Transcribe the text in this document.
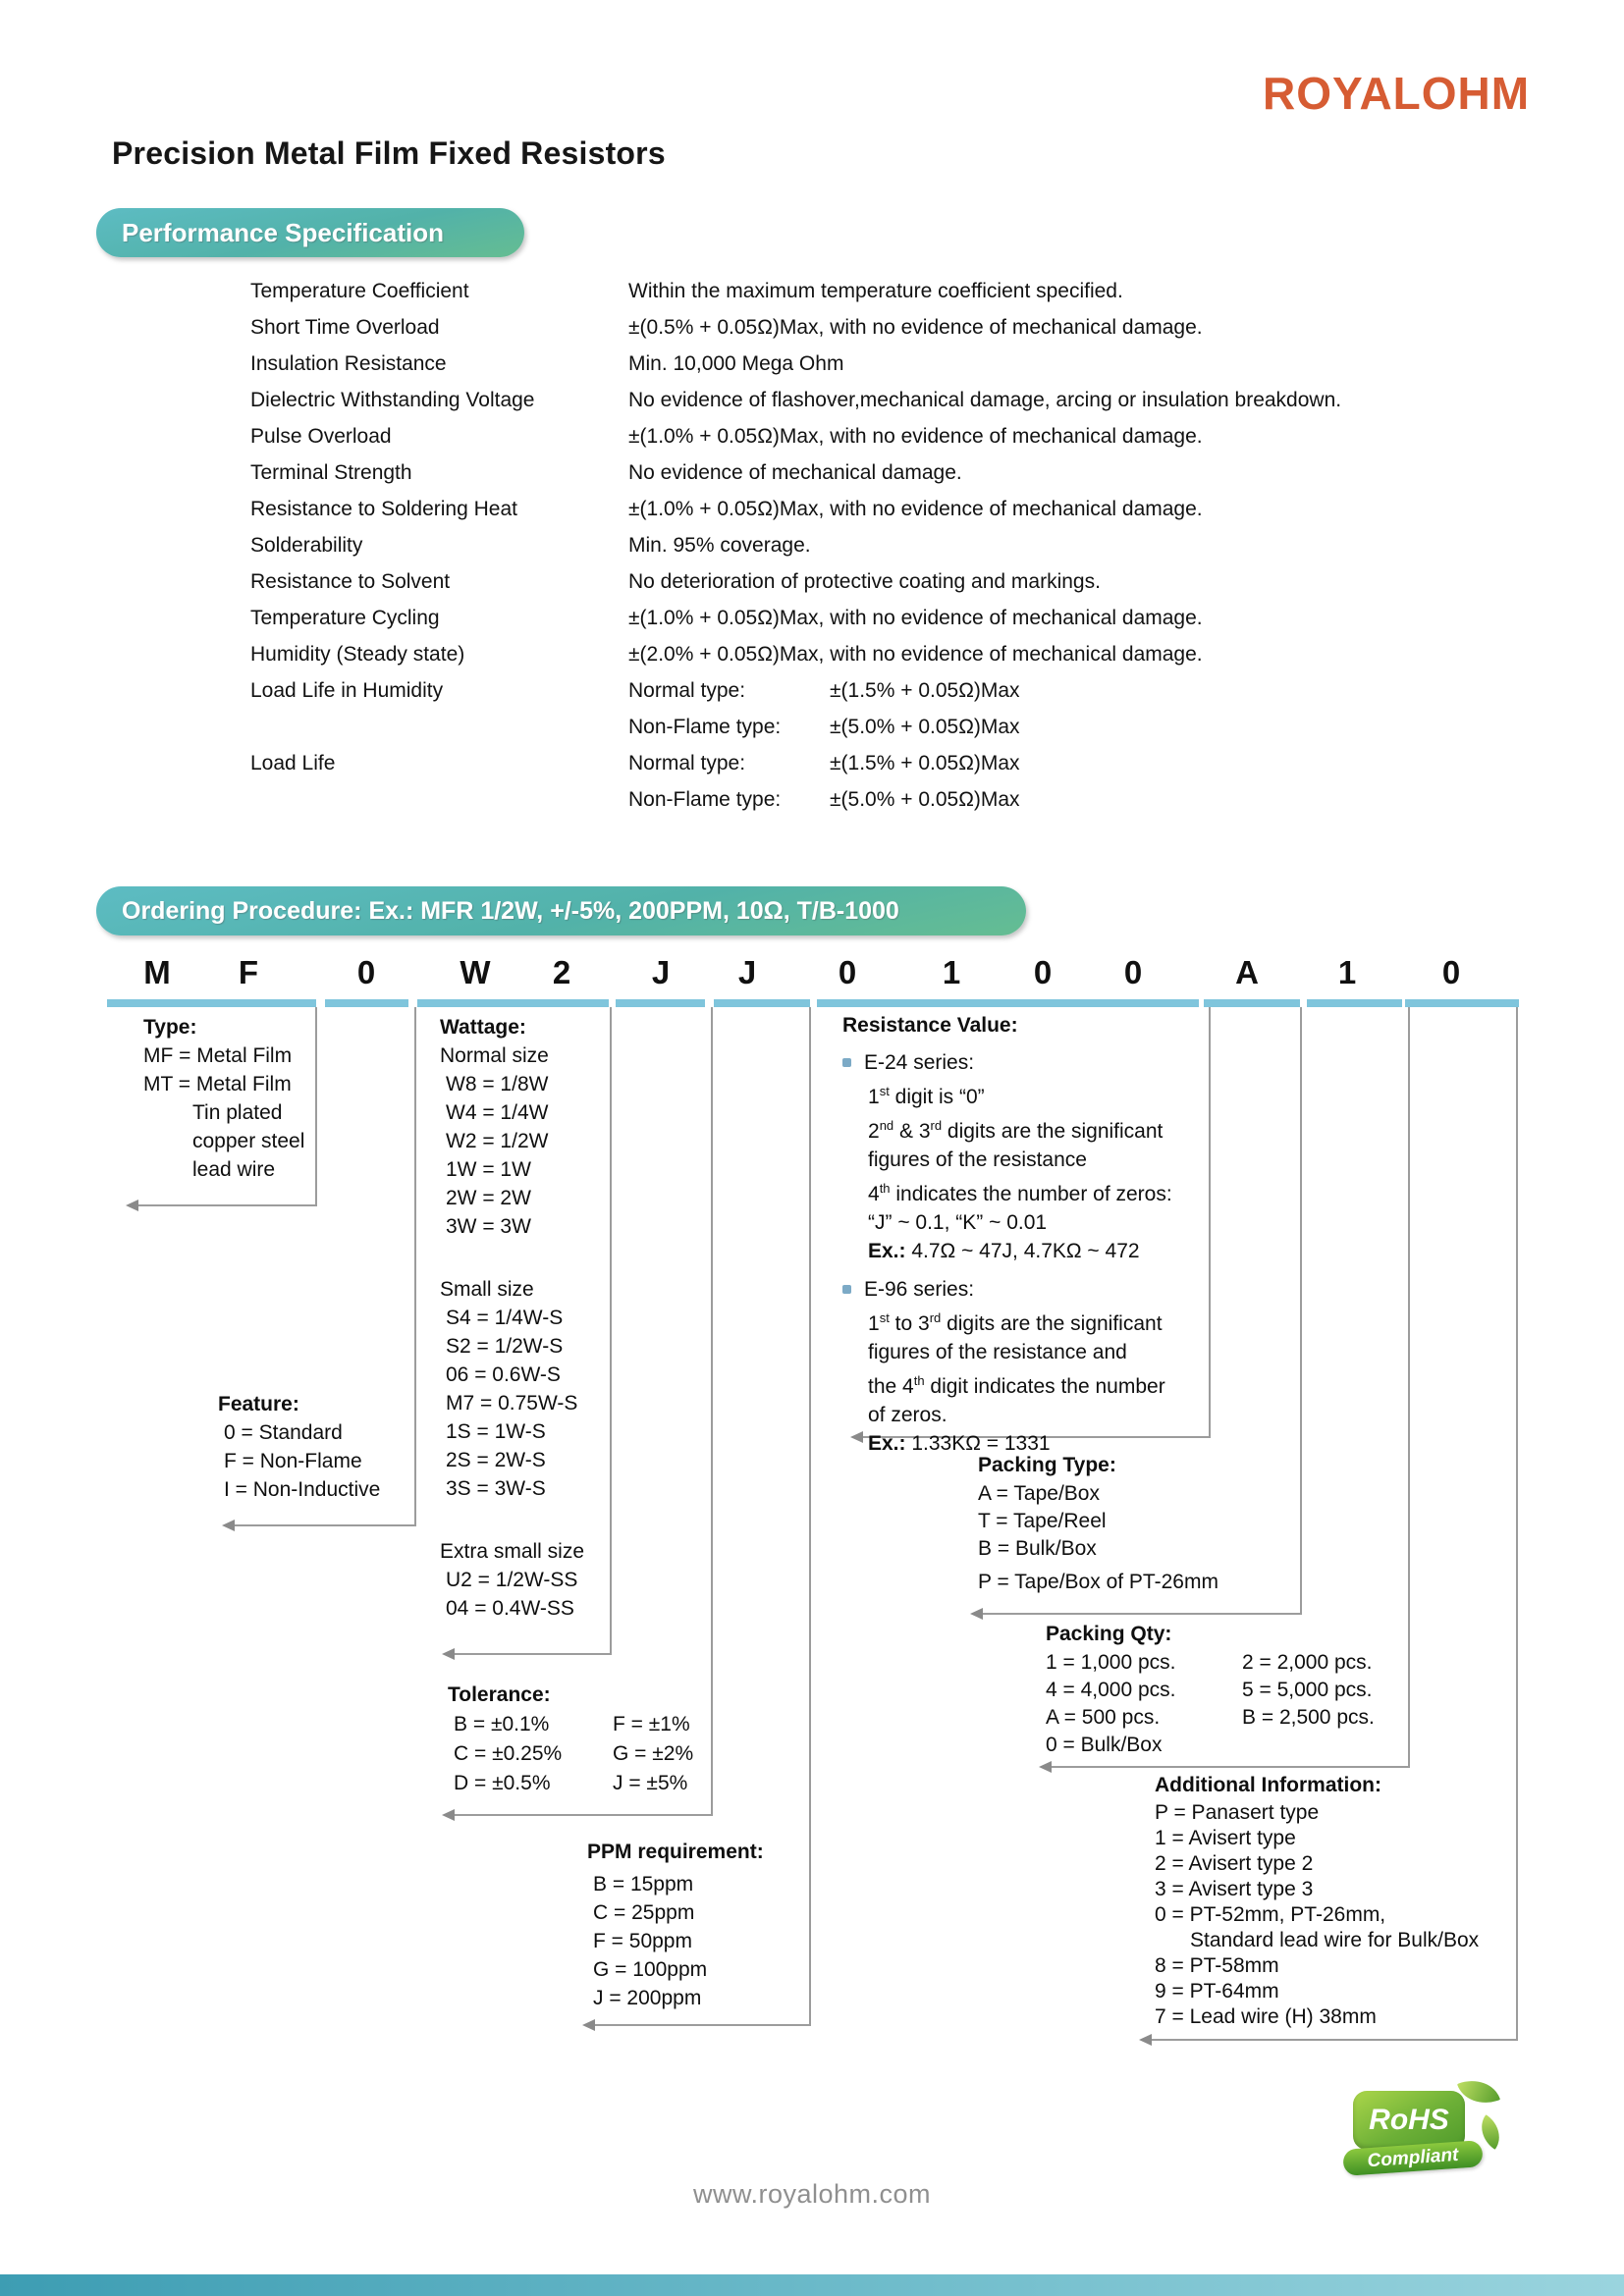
ROYALOHM
Precision Metal Film Fixed Resistors
Performance Specification
Temperature Coefficient	Within the maximum temperature coefficient specified.
Short Time Overload	±(0.5% + 0.05Ω)Max, with no evidence of mechanical damage.
Insulation Resistance	Min. 10,000 Mega Ohm
Dielectric Withstanding Voltage	No evidence of flashover,mechanical damage, arcing or insulation breakdown.
Pulse Overload	±(1.0% + 0.05Ω)Max, with no evidence of mechanical damage.
Terminal Strength	No evidence of mechanical damage.
Resistance to Soldering Heat	±(1.0% + 0.05Ω)Max, with no evidence of mechanical damage.
Solderability	Min. 95% coverage.
Resistance to Solvent	No deterioration of protective coating and markings.
Temperature Cycling	±(1.0% + 0.05Ω)Max, with no evidence of mechanical damage.
Humidity (Steady state)	±(2.0% + 0.05Ω)Max, with no evidence of mechanical damage.
Load Life in Humidity	Normal type:	±(1.5% + 0.05Ω)Max
Non-Flame type:	±(5.0% + 0.05Ω)Max
Load Life	Normal type:	±(1.5% + 0.05Ω)Max
Non-Flame type:	±(5.0% + 0.05Ω)Max
Ordering Procedure: Ex.: MFR 1/2W, +/-5%, 200PPM, 10Ω, T/B-1000
M F	0	W 2	J J	0	1 0 0	A 1	0
Type:
MF = Metal Film
MT = Metal Film
Tin plated
copper steel
lead wire
Feature:
0 = Standard
F = Non-Flame
I = Non-Inductive
Wattage:
Normal size
W8 = 1/8W
W4 = 1/4W
W2 = 1/2W
1W = 1W
2W = 2W
3W = 3W
Small size
S4 = 1/4W-S
S2 = 1/2W-S
06 = 0.6W-S
M7 = 0.75W-S
1S = 1W-S
2S = 2W-S
3S = 3W-S
Extra small size
U2 = 1/2W-SS
04 = 0.4W-SS
Tolerance:
B = ±0.1%	F = ±1%
C = ±0.25%	G = ±2%
D = ±0.5%	J = ±5%
PPM requirement:
B = 15ppm
C = 25ppm
F = 50ppm
G = 100ppm
J = 200ppm
Resistance Value:
E-24 series:
1st digit is “0”
2nd & 3rd digits are the significant
figures of the resistance
4th indicates the number of zeros:
“J” ~ 0.1, “K” ~ 0.01
Ex.: 4.7Ω ~ 47J, 4.7KΩ ~ 472
E-96 series:
1st to 3rd digits are the significant
figures of the resistance and
the 4th digit indicates the number
of zeros.
Ex.: 1.33KΩ = 1331
Packing Type:
A = Tape/Box
T = Tape/Reel
B = Bulk/Box
P = Tape/Box of PT-26mm
Packing Qty:
1 = 1,000 pcs.	2 = 2,000 pcs.
4 = 4,000 pcs.	5 = 5,000 pcs.
A = 500 pcs.	B = 2,500 pcs.
0 = Bulk/Box
Additional Information:
P = Panasert type
1 = Avisert type
2 = Avisert type 2
3 = Avisert type 3
0 = PT-52mm, PT-26mm,
Standard lead wire for Bulk/Box
8 = PT-58mm
9 = PT-64mm
7 = Lead wire (H) 38mm
www.royalohm.com
RoHS
Compliant
